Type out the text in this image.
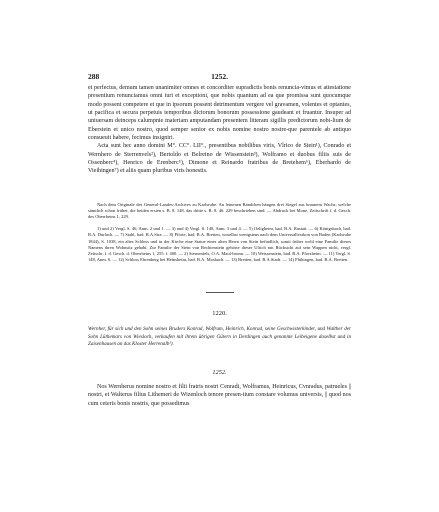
288	1252.

et perfectus, demum tamen unanimiter omnes et concorditer supradictis bonis renuncia-vimus et attestatione presentium renunciamus omni iuri et exceptioni, que nobis quantum ad ea que promissa sunt quocumque modo possent competere et que in ipsorum possent detrimentum vergere vel gravamen, volentes et optantes, ut pacifica et secura perpetuis temporibus dictorum bonorum possessione gaudeant et fruantur. Insuper ad uniuersam deinceps calumpnie materiam amputandam presentem litteram sigillis predictorum nobi-lium de Eberstein et unico nostro, quod semper senior ex nobis nomine nostro nostre-que parentele ab antiquo consueuit habere, fecimus insigniri.

Acta sunt hec anno domini M°. CC°. LII°., presentibus nobilibus viris, Vlrico de Stein¹), Conrado et Wernhero de Sterrenvels²), Bertoldo et Belreino de Wissenstein³), Wolframo et duobus filiis suis de Ossenberc⁴), Henrico de Erenberc⁵), Dimone et Reinardo fratribus de Bretehem⁶), Eberhardo de Vieihingen⁷) et aliis quam pluribus viris honestis.

Nach dem Originale des General-Landes-Archives zu Karlsruhe. An leinenen Bändchen hängen drei Siegel aus braunem Wachs, welche sämtlich schon früher, die beiden ersten s. B. 8. 148, das dritte s. B. 8. 46. 229 beschrieben sind. — Abdruck bei Mone, Zeitschrift f. d. Gesch. des Oberrheins 1, 229.
1) und 2) Vergl. S. 46, Anm. 2 und 1. — 3) und 4) Vergl. S. 148, Anm. 3 und 4. — 5) Oeligheim, bad. B.A. Rastatt. — 6) Königsbach, bad. B.A. Durlach. — 7) Stahl, bad. B.A.Stra. — 8) Pförte, bad. B.A. Bretten, woselbst wenigstens nach dem Universallexikon von Baden (Karlsruhe 1844), S. 1038, ein altes Schloss und in der Kirche eine Statue eines alten Herrn von Stein befindlich, somit früher wohl eine Familie dieses Namens ihren Wohnsitz gehabt. Zur Familie der Stein von Rechtenstein gehörte dieser Ulrich mit Rücksicht auf sein Wappen nicht, vergl. Zeitschr. f. d. Gesch. d. Oberrheins 1, 255. f. 400. — 2) Sternenfels, O.A. Maul-bronn. — 10) Weissenstein, bad. B.A. Pforzheim. — 11) Vergl. S. 148, Anm. 6. — 12) Schloss Ehrenberg bei Heinsheim, bad. B.A. Mosbach. — 13) Bretten, bad. B.A.Stadt. — 14) Fhihingen, bad. B.A. Bretten.
1220.
Wernher, für sich und den Sohn seines Bruders Konrad, Wolfram, Heinrich, Konrad, seine Geschwisterkinder, und Walther der Sohn Lüthemars von Wiesloch, verkaufen mit ihrem übrigen Gütern in Derdingen auch genannte Leibeigene daselbst und in Zaisenhausen an das Kloster Herrenalb¹).
1252.
Nos Wernherus nomine nostro et filii fratris nostri Cenradi, Wolframus, Heinricus, Cvnradus, patrueles || nostri, et Walterus filius Lithemeri de Wizenloch tenore presen-tium constare volumus universis, || quod nos cum ceteris bonis nostris, que possedimus
